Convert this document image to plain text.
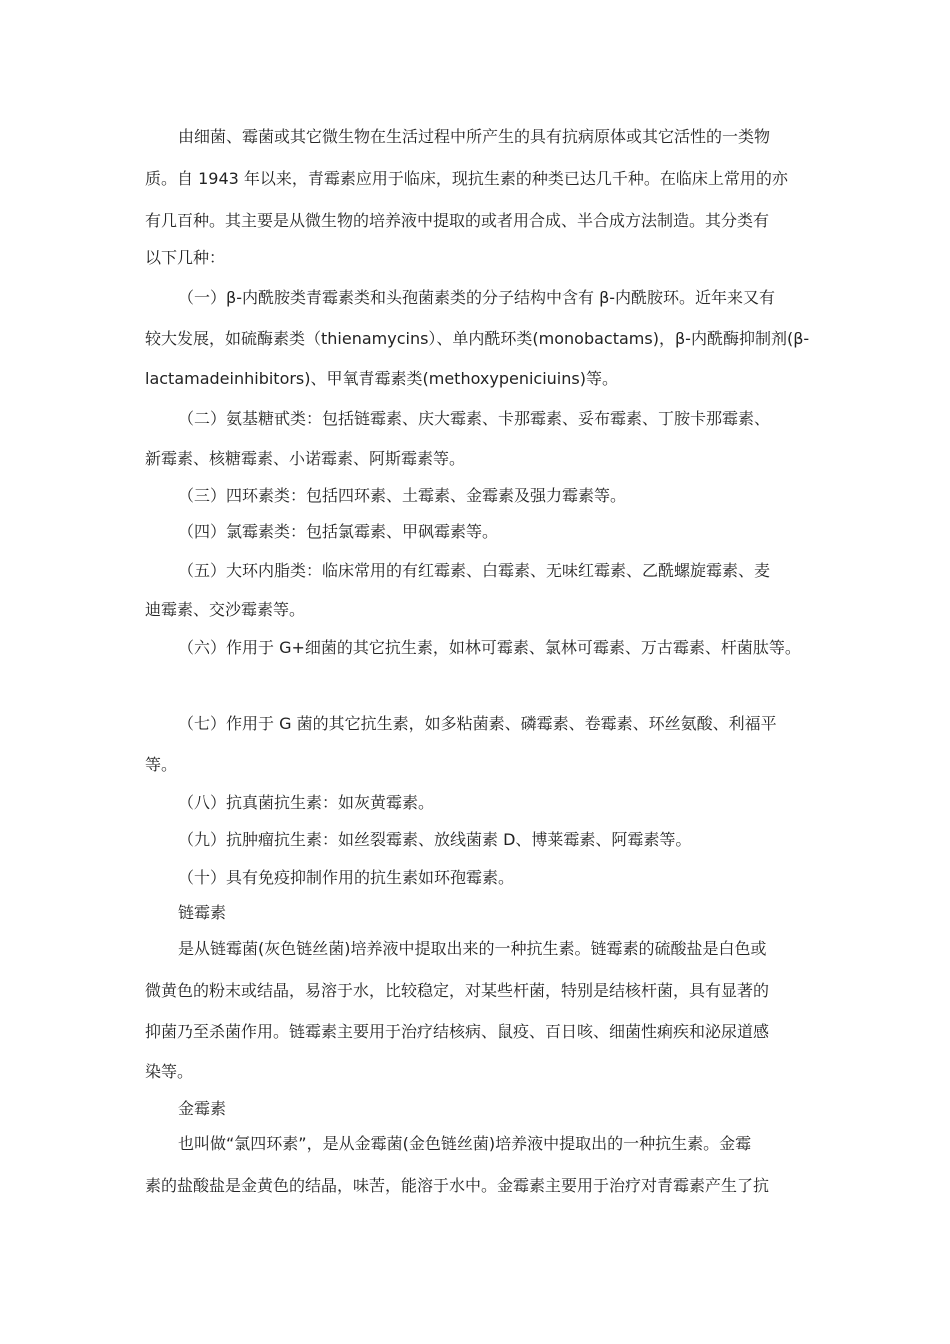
由细菌、霉菌或其它微生物在生活过程中所产生的具有抗病原体或其它活性的一类物
质。自 1943 年以来，青霉素应用于临床，现抗生素的种类已达几千种。在临床上常用的亦
有几百种。其主要是从微生物的培养液中提取的或者用合成、半合成方法制造。其分类有
以下几种：
（一）β-内酰胺类青霉素类和头孢菌素类的分子结构中含有 β-内酰胺环。近年来又有
较大发展，如硫酶素类（thienamycins）、单内酰环类(monobactams)，β-内酰酶抑制剂(β-
lactamadeinhibitors)、甲氧青霉素类(methoxypeniciuins)等。
（二）氨基糖甙类：包括链霉素、庆大霉素、卡那霉素、妥布霉素、丁胺卡那霉素、
新霉素、核糖霉素、小诺霉素、阿斯霉素等。
（三）四环素类：包括四环素、土霉素、金霉素及强力霉素等。
（四）氯霉素类：包括氯霉素、甲砜霉素等。
（五）大环内脂类：临床常用的有红霉素、白霉素、无味红霉素、乙酰螺旋霉素、麦
迪霉素、交沙霉素等。
（六）作用于 G+细菌的其它抗生素，如林可霉素、氯林可霉素、万古霉素、杆菌肽等。
（七）作用于 G 菌的其它抗生素，如多粘菌素、磷霉素、卷霉素、环丝氨酸、利福平
等。
（八）抗真菌抗生素：如灰黄霉素。
（九）抗肿瘤抗生素：如丝裂霉素、放线菌素 D、博莱霉素、阿霉素等。
（十）具有免疫抑制作用的抗生素如环孢霉素。
链霉素
是从链霉菌(灰色链丝菌)培养液中提取出来的一种抗生素。链霉素的硫酸盐是白色或
微黄色的粉末或结晶，易溶于水，比较稳定，对某些杆菌，特别是结核杆菌，具有显著的
抑菌乃至杀菌作用。链霉素主要用于治疗结核病、鼠疫、百日咳、细菌性痢疾和泌尿道感
染等。
金霉素
也叫做“氯四环素”，是从金霉菌(金色链丝菌)培养液中提取出的一种抗生素。金霉
素的盐酸盐是金黄色的结晶，味苦，能溶于水中。金霉素主要用于治疗对青霉素产生了抗
